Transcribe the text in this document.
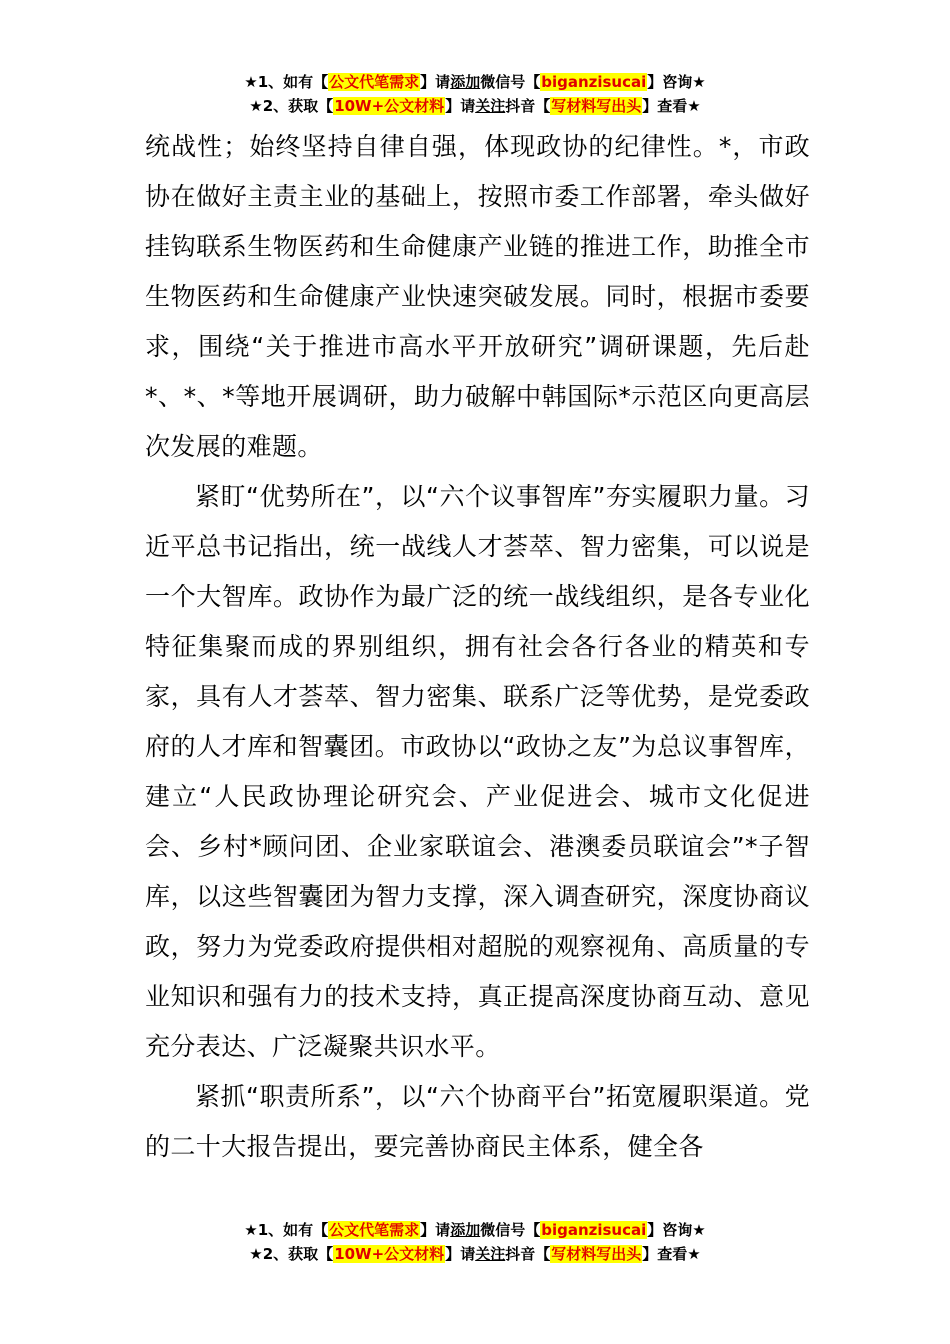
★1、如有【公文代笔需求】请添加微信号【biganzisucai】咨询★
★2、获取【10W+公文材料】请关注抖音【写材料写出头】查看★

统战性；始终坚持自律自强，体现政协的纪律性。*，市政协在做好主责主业的基础上，按照市委工作部署，牵头做好挂钩联系生物医药和生命健康产业链的推进工作，助推全市生物医药和生命健康产业快速突破发展。同时，根据市委要求，围绕“关于推进市高水平开放研究”调研课题，先后赴*、*、*等地开展调研，助力破解中韩国际*示范区向更高层次发展的难题。

紧盯“优势所在”，以“六个议事智库”夯实履职力量。习近平总书记指出，统一战线人才荟萃、智力密集，可以说是一个大智库。政协作为最广泛的统一战线组织，是各专业化特征集聚而成的界别组织，拥有社会各行各业的精英和专家，具有人才荟萃、智力密集、联系广泛等优势，是党委政府的人才库和智囊团。市政协以“政协之友”为总议事智库，建立“人民政协理论研究会、产业促进会、城市文化促进会、乡村*顾问团、企业家联谊会、港澳委员联谊会”*子智库，以这些智囊团为智力支撑，深入调查研究，深度协商议政，努力为党委政府提供相对超脱的观察视角、高质量的专业知识和强有力的技术支持，真正提高深度协商互动、意见充分表达、广泛凝聚共识水平。

紧抓“职责所系”，以“六个协商平台”拓宽履职渠道。党的二十大报告提出，要完善协商民主体系，健全各

★1、如有【公文代笔需求】请添加微信号【biganzisucai】咨询★
★2、获取【10W+公文材料】请关注抖音【写材料写出头】查看★
